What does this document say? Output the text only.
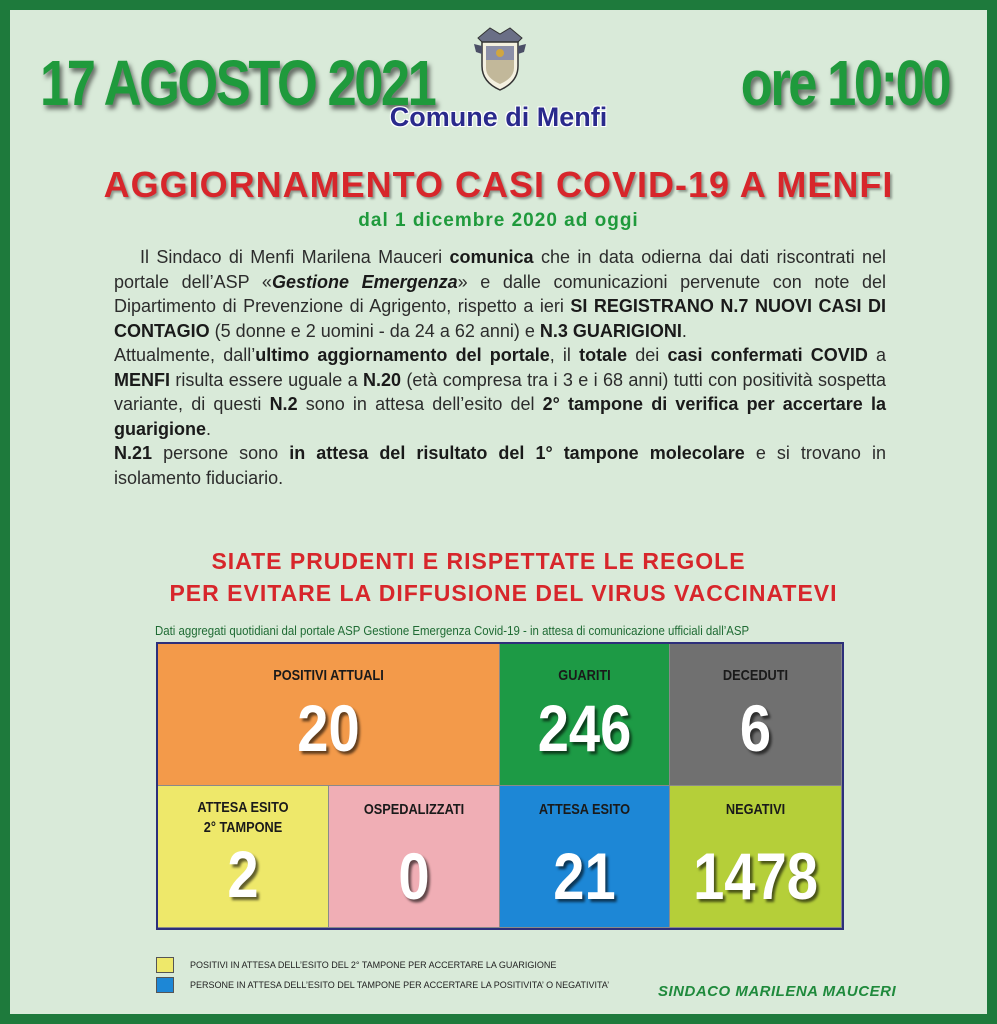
17 AGOSTO 2021
Comune di Menfi	ore 10:00
AGGIORNAMENTO CASI COVID-19 A MENFI
dal 1 dicembre 2020 ad oggi

Il Sindaco di Menfi Marilena Mauceri comunica che in data odierna dai dati riscontrati nel portale dell’ASP «Gestione Emergenza» e dalle comunicazioni pervenute con note del Dipartimento di Prevenzione di Agrigento, rispetto a ieri SI REGISTRANO N.7 NUOVI CASI DI CONTAGIO (5 donne e 2 uomini - da 24 a 62 anni) e N.3 GUARIGIONI.

Attualmente, dall’ultimo aggiornamento del portale, il totale dei casi confermati COVID a MENFI risulta essere uguale a N.20 (età compresa tra i 3 e i 68 anni) tutti con positività sospetta variante, di questi N.2 sono in attesa dell’esito del 2° tampone di verifica per accertare la guarigione.

N.21 persone sono in attesa del risultato del 1° tampone molecolare e si trovano in isolamento fiduciario.

SIATE PRUDENTI E RISPETTATE LE REGOLE
PER EVITARE LA DIFFUSIONE DEL VIRUS VACCINATEVI
Dati aggregati quotidiani dal portale ASP Gestione Emergenza Covid-19 - in attesa di comunicazione ufficiali dall’ASP
POSITIVI ATTUALI
20
GUARITI
246
DECEDUTI
6
ATTESA ESITO
2° TAMPONE
2
OSPEDALIZZATI
0
ATTESA ESITO
21
NEGATIVI
1478
POSITIVI IN ATTESA DELL’ESITO DEL 2° TAMPONE PER ACCERTARE LA GUARIGIONE
PERSONE IN ATTESA DELL’ESITO DEL TAMPONE PER ACCERTARE LA POSITIVITA’ O NEGATIVITA’	SINDACO MARILENA MAUCERI
